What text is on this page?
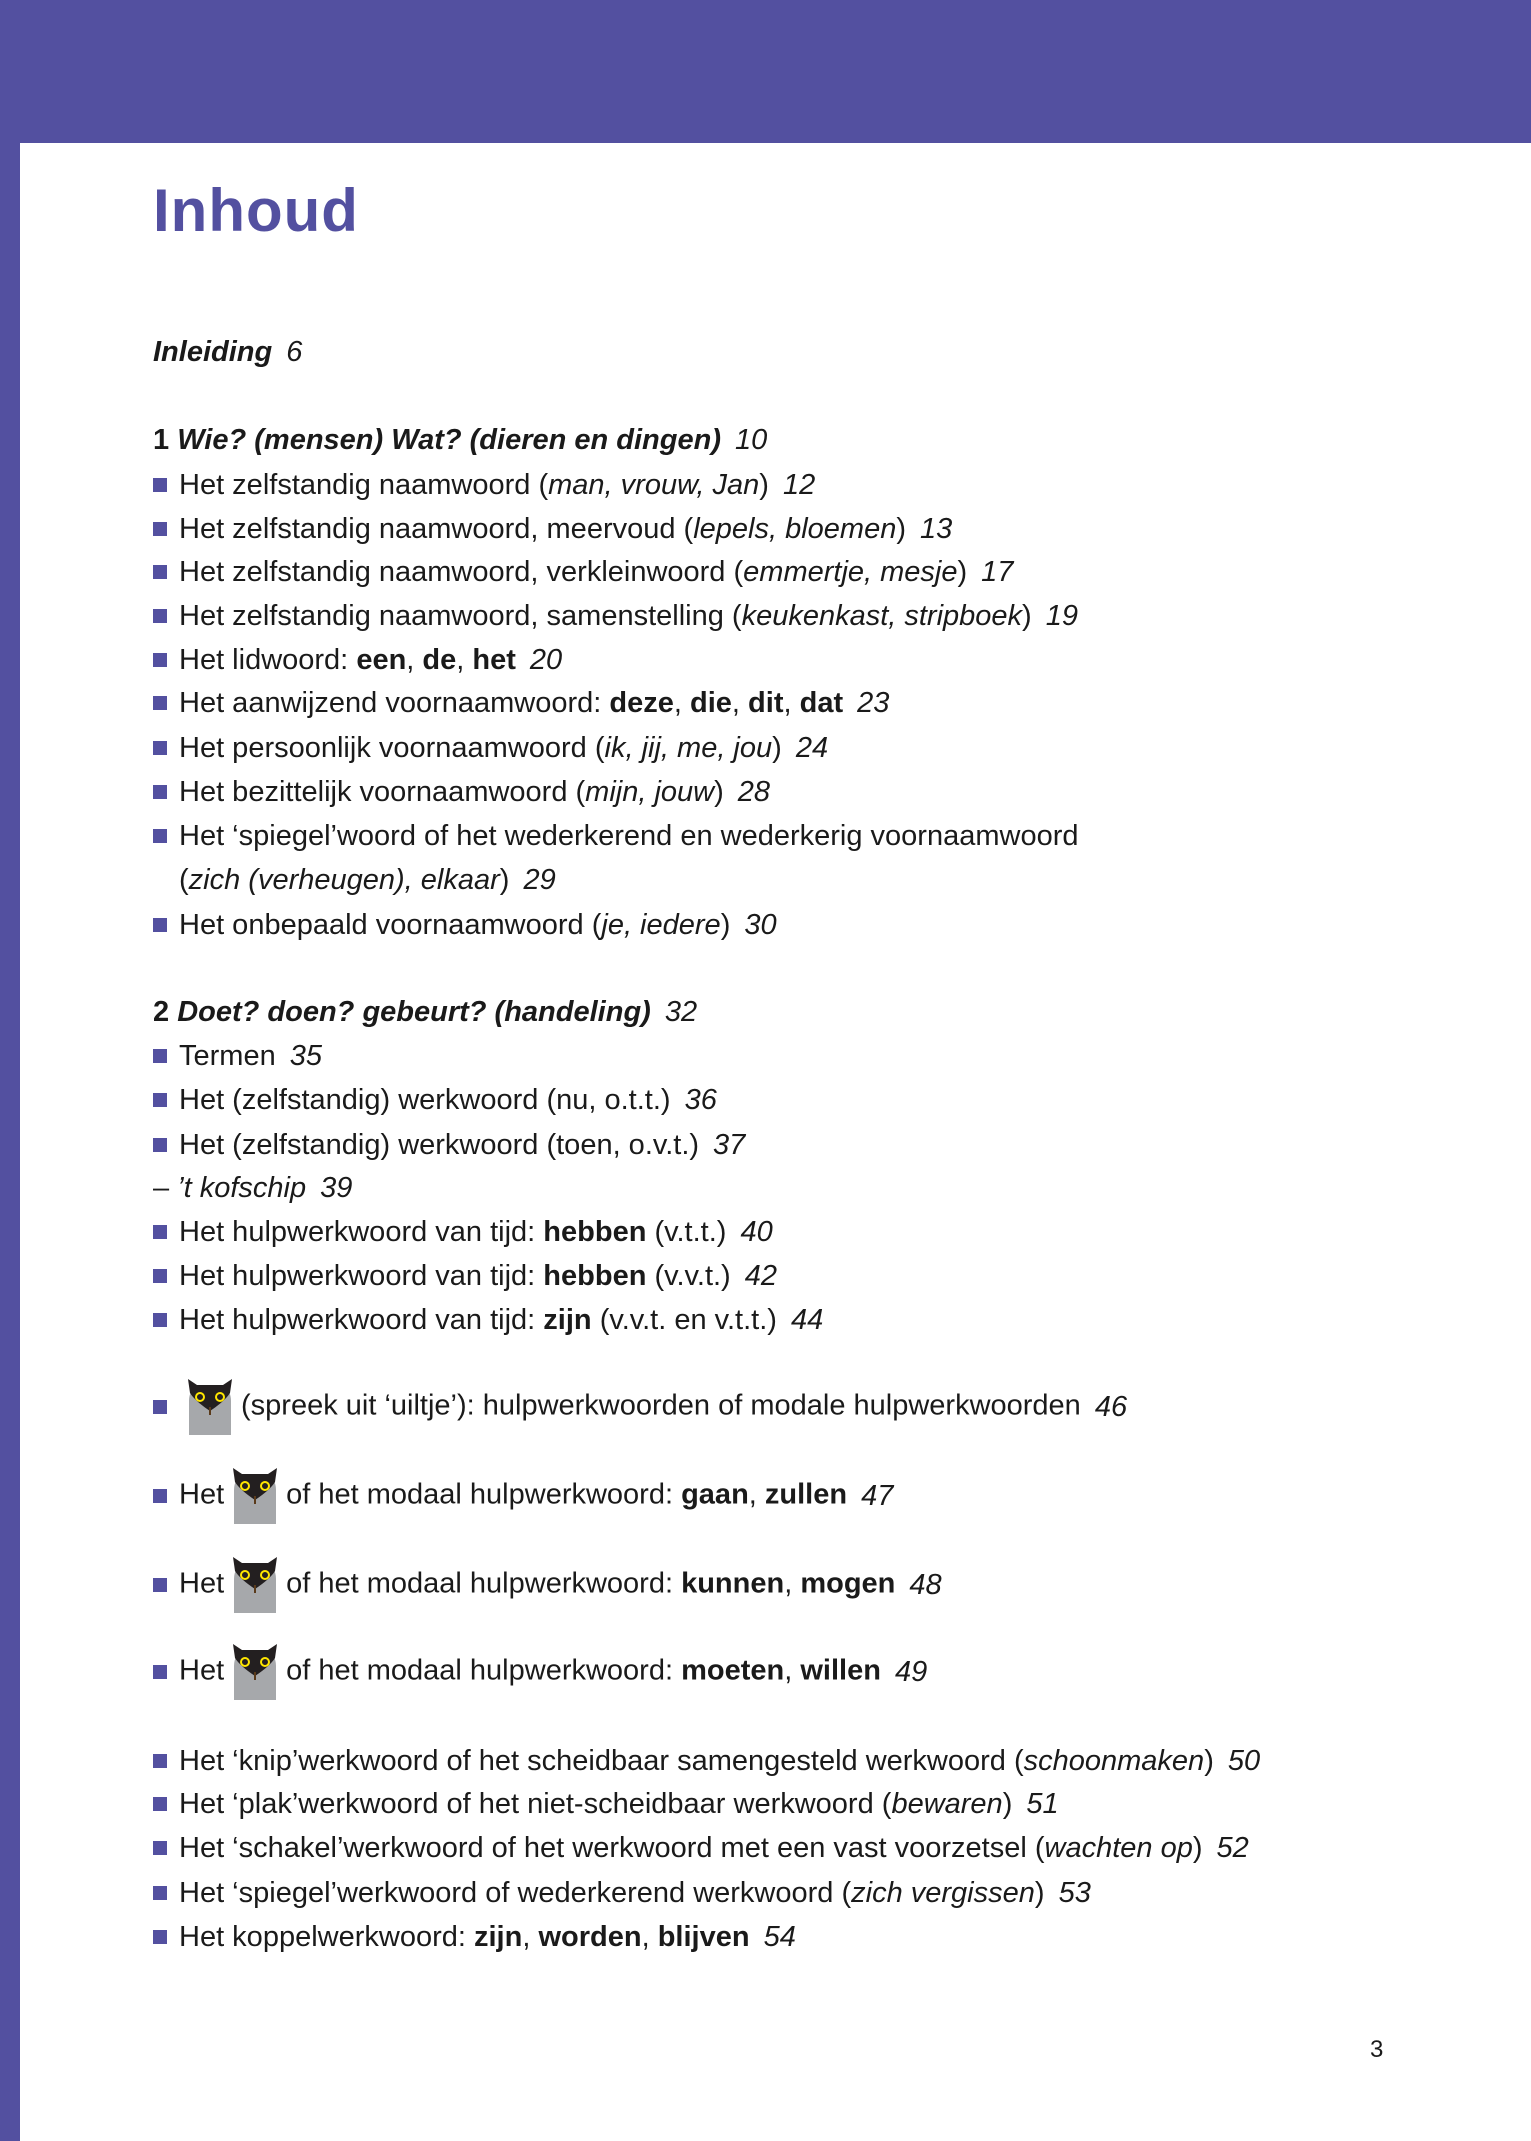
Inhoud
Inleiding 6
1 Wie? (mensen) Wat? (dieren en dingen) 10
Het zelfstandig naamwoord (man, vrouw, Jan) 12
Het zelfstandig naamwoord, meervoud (lepels, bloemen) 13
Het zelfstandig naamwoord, verkleinwoord (emmertje, mesje) 17
Het zelfstandig naamwoord, samenstelling (keukenkast, stripboek) 19
Het lidwoord: een, de, het 20
Het aanwijzend voornaamwoord: deze, die, dit, dat 23
Het persoonlijk voornaamwoord (ik, jij, me, jou) 24
Het bezittelijk voornaamwoord (mijn, jouw) 28
Het ‘spiegel’woord of het wederkerend en wederkerig voornaamwoord
(zich (verheugen), elkaar) 29
Het onbepaald voornaamwoord (je, iedere) 30
2 Doet? doen? gebeurt? (handeling) 32
Termen 35
Het (zelfstandig) werkwoord (nu, o.t.t.) 36
Het (zelfstandig) werkwoord (toen, o.v.t.) 37
– ’t kofschip 39
Het hulpwerkwoord van tijd: hebben (v.t.t.) 40
Het hulpwerkwoord van tijd: hebben (v.v.t.) 42
Het hulpwerkwoord van tijd: zijn (v.v.t. en v.t.t.) 44
(spreek uit ‘uiltje’): hulpwerkwoorden of modale hulpwerkwoorden 46
Het of het modaal hulpwerkwoord: gaan, zullen 47
Het of het modaal hulpwerkwoord: kunnen, mogen 48
Het of het modaal hulpwerkwoord: moeten, willen 49
Het ‘knip’werkwoord of het scheidbaar samengesteld werkwoord (schoonmaken) 50
Het ‘plak’werkwoord of het niet-scheidbaar werkwoord (bewaren) 51
Het ‘schakel’werkwoord of het werkwoord met een vast voorzetsel (wachten op) 52
Het ‘spiegel’werkwoord of wederkerend werkwoord (zich vergissen) 53
Het koppelwerkwoord: zijn, worden, blijven 54
3
